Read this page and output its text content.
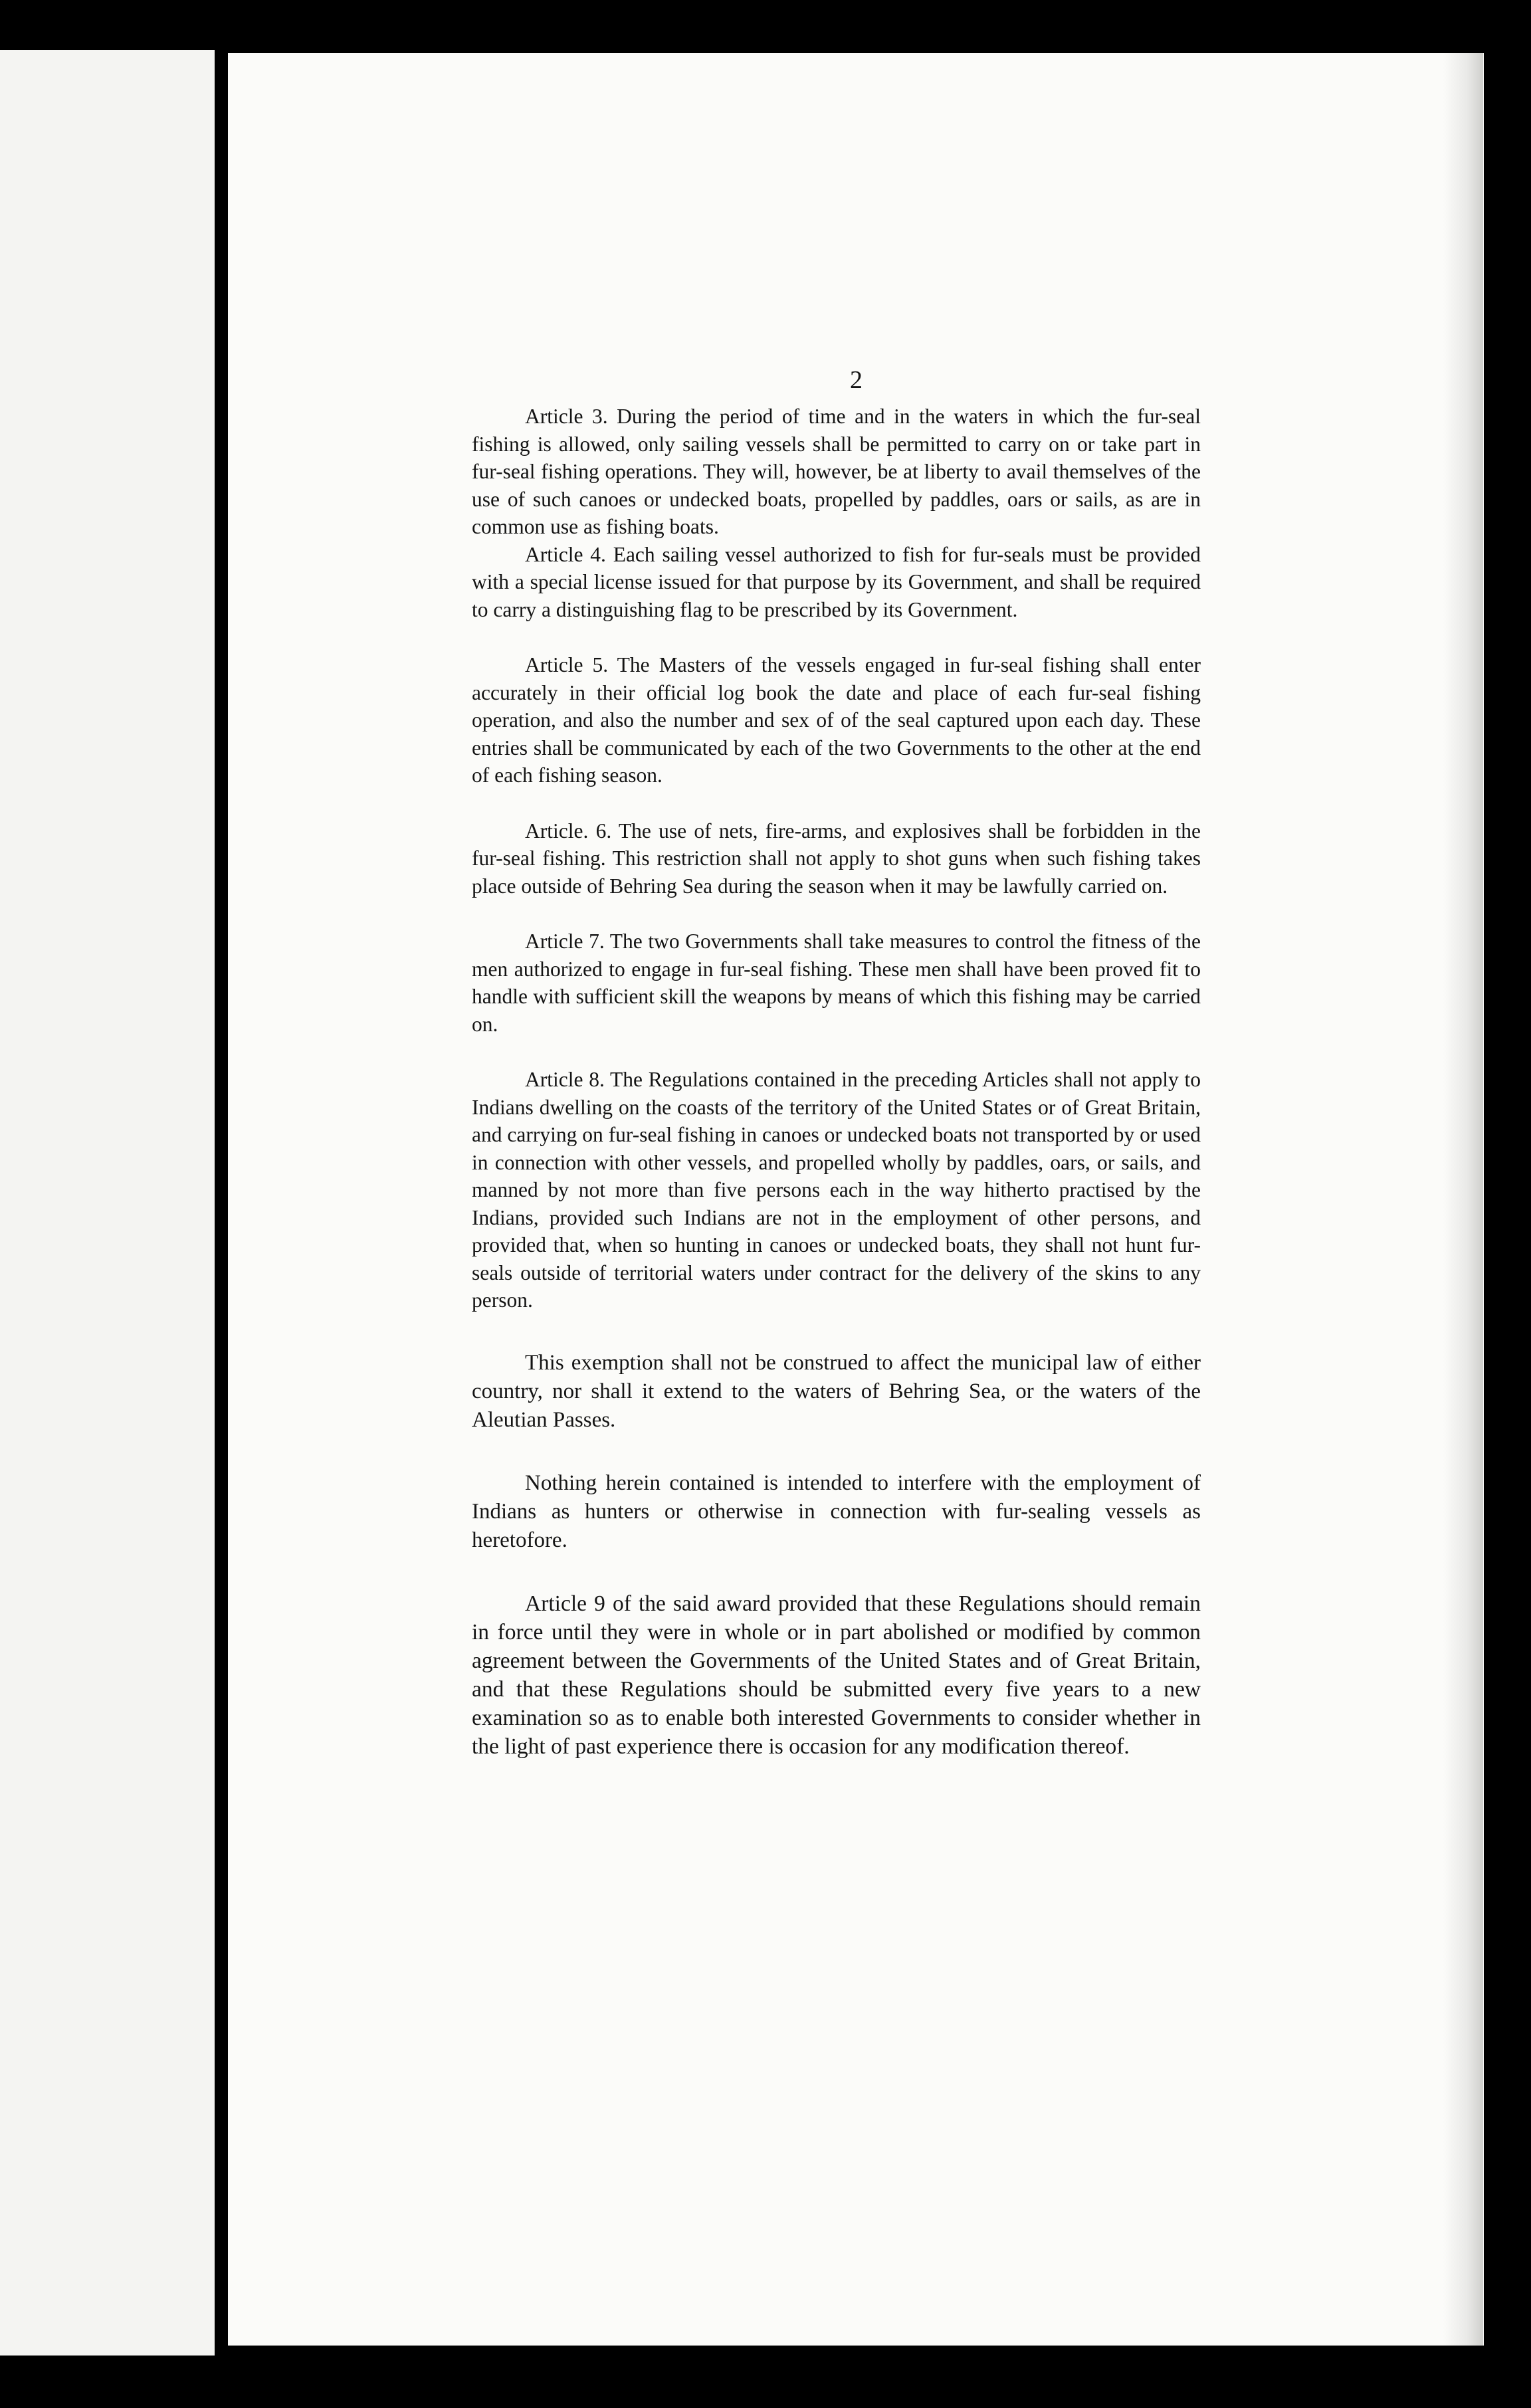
2

Article 3. During the period of time and in the waters in which the fur-seal fishing is allowed, only sailing vessels shall be permitted to carry on or take part in fur-seal fishing operations. They will, however, be at liberty to avail themselves of the use of such canoes or undecked boats, propelled by paddles, oars or sails, as are in common use as fishing boats.

Article 4. Each sailing vessel authorized to fish for fur-seals must be provided with a special license issued for that purpose by its Government, and shall be required to carry a distinguishing flag to be prescribed by its Government.

Article 5. The Masters of the vessels engaged in fur-seal fishing shall enter accurately in their official log book the date and place of each fur-seal fishing operation, and also the number and sex of of the seal captured upon each day. These entries shall be communicated by each of the two Governments to the other at the end of each fishing season.

Article. 6. The use of nets, fire-arms, and explosives shall be forbidden in the fur-seal fishing. This restriction shall not apply to shot guns when such fishing takes place outside of Behring Sea during the season when it may be lawfully carried on.

Article 7. The two Governments shall take measures to control the fitness of the men authorized to engage in fur-seal fishing. These men shall have been proved fit to handle with sufficient skill the weapons by means of which this fishing may be carried on.

Article 8. The Regulations contained in the preceding Articles shall not apply to Indians dwelling on the coasts of the territory of the United States or of Great Britain, and carrying on fur-seal fishing in canoes or undecked boats not transported by or used in connection with other vessels, and propelled wholly by paddles, oars, or sails, and manned by not more than five persons each in the way hitherto practised by the Indians, provided such Indians are not in the employment of other persons, and provided that, when so hunting in canoes or undecked boats, they shall not hunt fur-seals outside of territorial waters under contract for the delivery of the skins to any person.

This exemption shall not be construed to affect the municipal law of either country, nor shall it extend to the waters of Behring Sea, or the waters of the Aleutian Passes.

Nothing herein contained is intended to interfere with the employment of Indians as hunters or otherwise in connection with fur-sealing vessels as heretofore.

Article 9 of the said award provided that these Regulations should remain in force until they were in whole or in part abolished or modified by common agreement between the Governments of the United States and of Great Britain, and that these Regulations should be submitted every five years to a new examination so as to enable both interested Governments to consider whether in the light of past experience there is occasion for any modification thereof.
